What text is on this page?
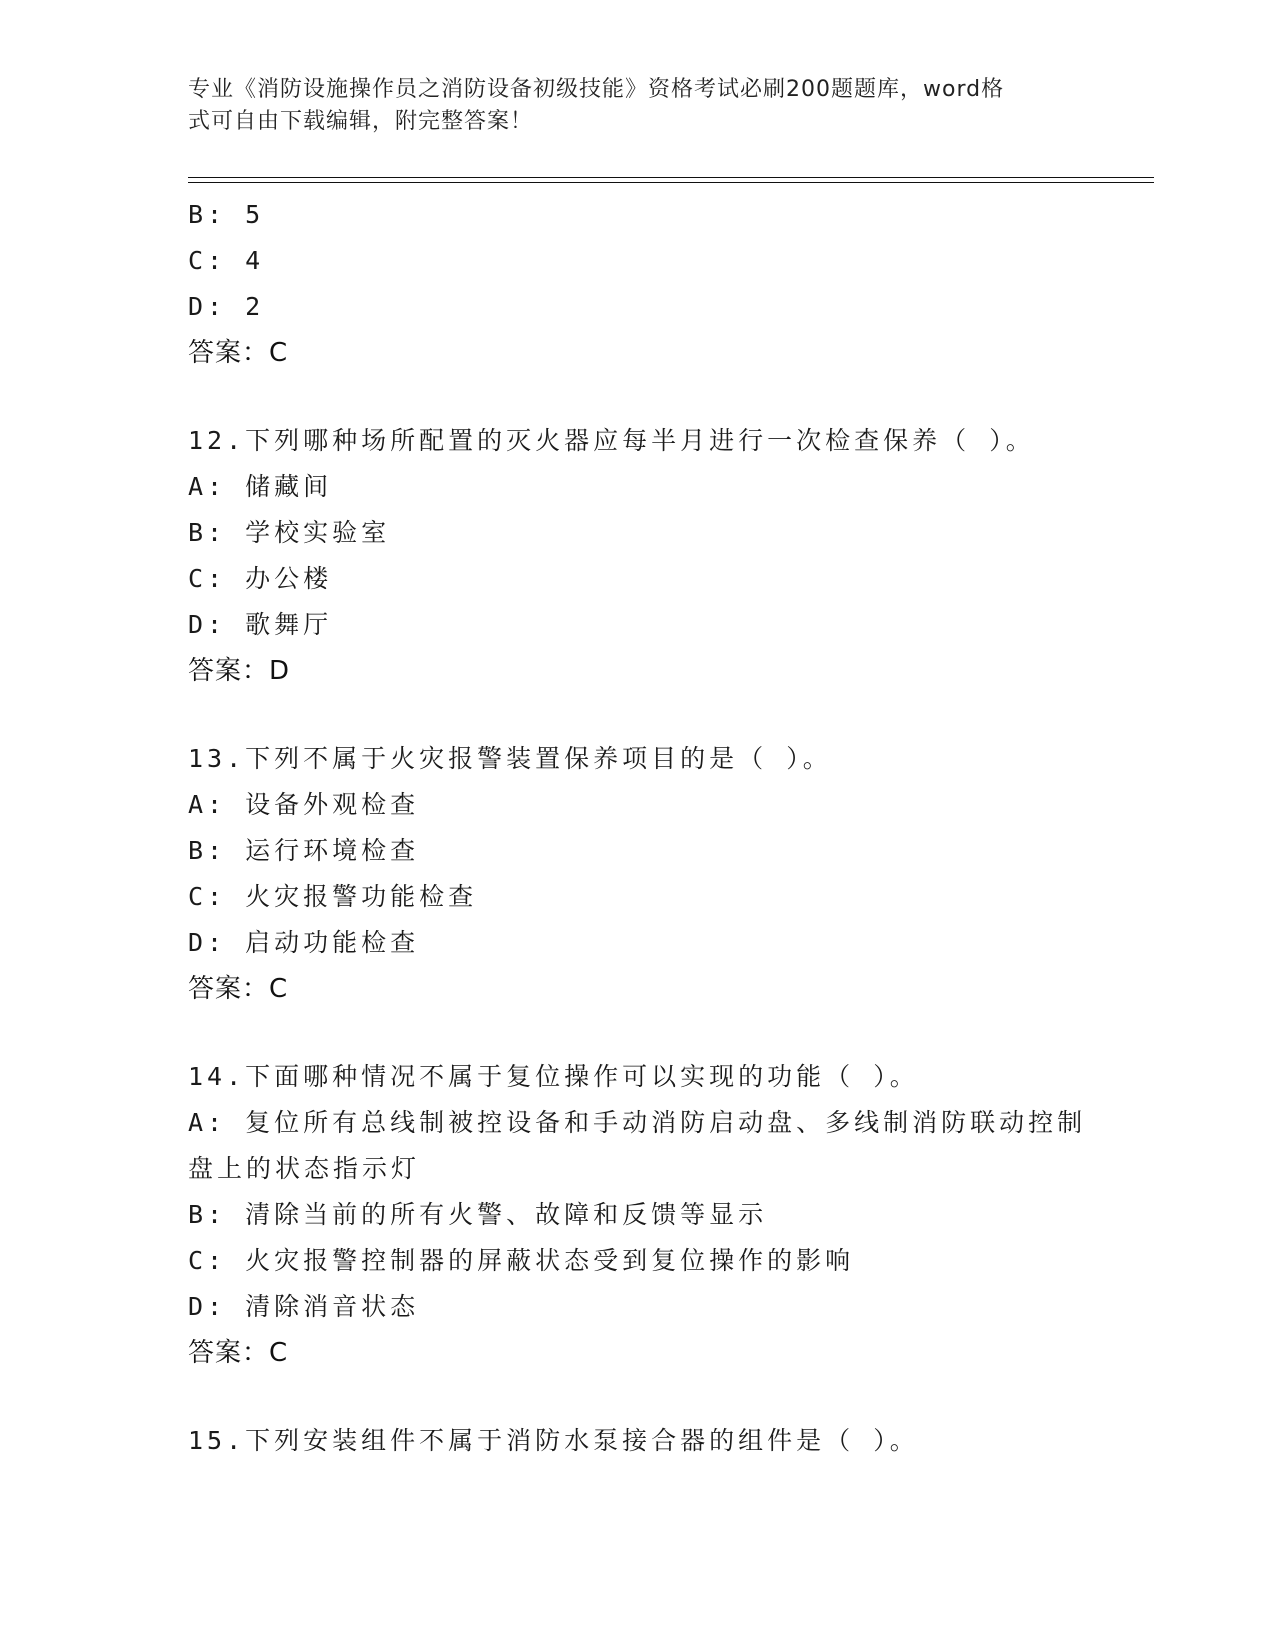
专业《消防设施操作员之消防设备初级技能》资格考试必刷200题题库，word格
式可自由下载编辑，附完整答案！
B: 5
C: 4
D: 2
答案：C
12.下列哪种场所配置的灭火器应每半月进行一次检查保养（ ）。
A: 储藏间
B: 学校实验室
C: 办公楼
D: 歌舞厅
答案：D
13.下列不属于火灾报警装置保养项目的是（ ）。
A: 设备外观检查
B: 运行环境检查
C: 火灾报警功能检查
D: 启动功能检查
答案：C
14.下面哪种情况不属于复位操作可以实现的功能（ ）。
A: 复位所有总线制被控设备和手动消防启动盘、多线制消防联动控制盘上的状态指示灯
B: 清除当前的所有火警、故障和反馈等显示
C: 火灾报警控制器的屏蔽状态受到复位操作的影响
D: 清除消音状态
答案：C
15.下列安装组件不属于消防水泵接合器的组件是（ ）。
